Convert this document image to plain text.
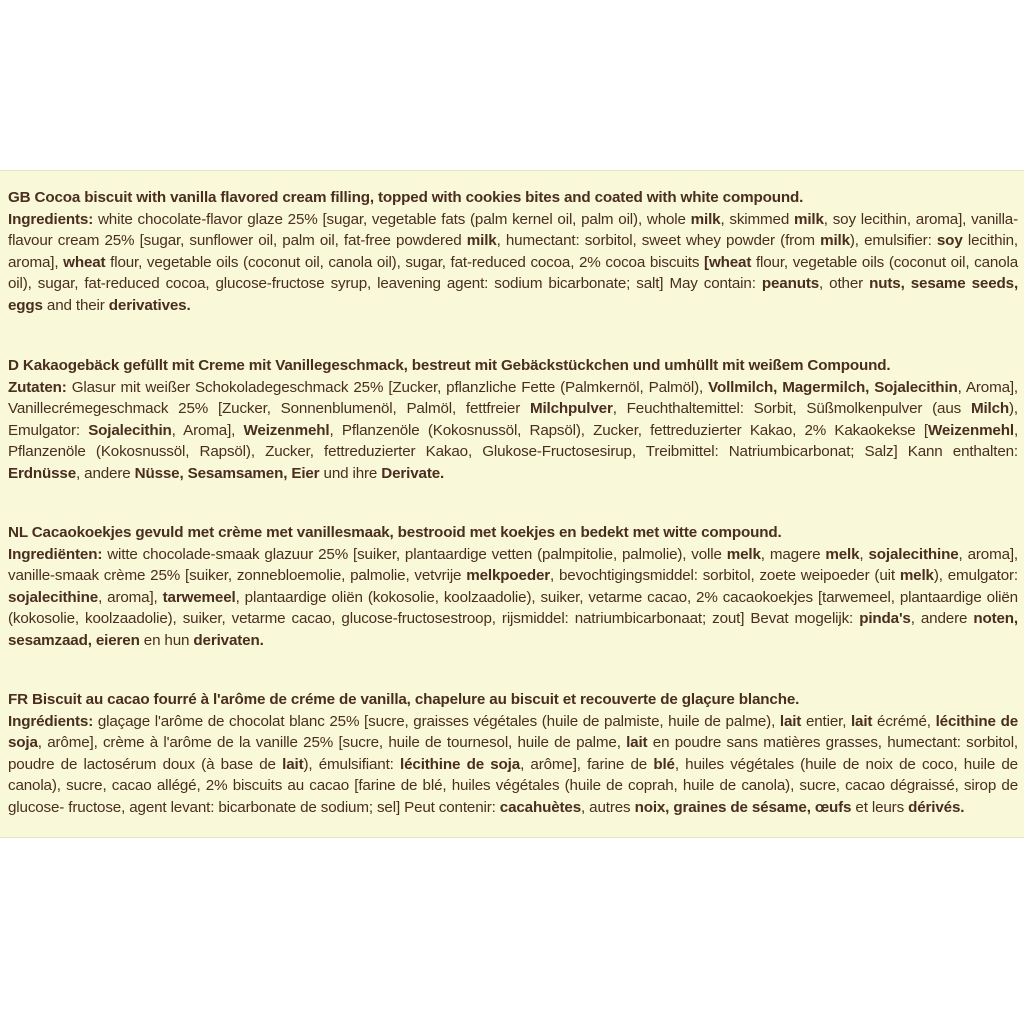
GB Cocoa biscuit with vanilla flavored cream filling, topped with cookies bites and coated with white compound.
Ingredients: white chocolate-flavor glaze 25% [sugar, vegetable fats (palm kernel oil, palm oil), whole milk, skimmed milk, soy lecithin, aroma], vanilla-flavour cream 25% [sugar, sunflower oil, palm oil, fat-free powdered milk, humectant: sorbitol, sweet whey powder (from milk), emulsifier: soy lecithin, aroma], wheat flour, vegetable oils (coconut oil, canola oil), sugar, fat-reduced cocoa, 2% cocoa biscuits [wheat flour, vegetable oils (coconut oil, canola oil), sugar, fat-reduced cocoa, glucose-fructose syrup, leavening agent: sodium bicarbonate; salt] May contain: peanuts, other nuts, sesame seeds, eggs and their derivatives.
D Kakaogebäck gefüllt mit Creme mit Vanillegeschmack, bestreut mit Gebäckstückchen und umhüllt mit weißem Compound.
Zutaten: Glasur mit weißer Schokoladegeschmack 25% [Zucker, pflanzliche Fette (Palmkernöl, Palmöl), Vollmilch, Magermilch, Sojalecithin, Aroma], Vanillecrémegeschmack 25% [Zucker, Sonnenblumenöl, Palmöl, fettfreier Milchpulver, Feuchthaltemittel: Sorbit, Süßmolkenpulver (aus Milch), Emulgator: Sojalecithin, Aroma], Weizenmehl, Pflanzenöle (Kokosnussöl, Rapsöl), Zucker, fettreduzierter Kakao, 2% Kakaokekse [Weizenmehl, Pflanzenöle (Kokosnussöl, Rapsöl), Zucker, fettreduzierter Kakao, Glukose-Fructosesirup, Treibmittel: Natriumbicarbonat; Salz] Kann enthalten: Erdnüsse, andere Nüsse, Sesamsamen, Eier und ihre Derivate.
NL Cacaokoekjes gevuld met crème met vanillesmaak, bestrooid met koekjes en bedekt met witte compound.
Ingrediënten: witte chocolade-smaak glazuur 25% [suiker, plantaardige vetten (palmpitolie, palmolie), volle melk, magere melk, sojalecithine, aroma], vanille-smaak crème 25% [suiker, zonnebloemolie, palmolie, vetvrije melkpoeder, bevochtigingsmiddel: sorbitol, zoete weipoeder (uit melk), emulgator: sojalecithine, aroma], tarwemeel, plantaardige oliën (kokosolie, koolzaadolie), suiker, vetarme cacao, 2% cacaokoekjes [tarwemeel, plantaardige oliën (kokosolie, koolzaadolie), suiker, vetarme cacao, glucose-fructosestroop, rijsmiddel: natriumbicarbonaat; zout] Bevat mogelijk: pinda's, andere noten, sesamzaad, eieren en hun derivaten.
FR Biscuit au cacao fourré à l'arôme de créme de vanilla, chapelure au biscuit et recouverte de glaçure blanche.
Ingrédients: glaçage l'arôme de chocolat blanc 25% [sucre, graisses végétales (huile de palmiste, huile de palme), lait entier, lait écrémé, lécithine de soja, arôme], crème à l'arôme de la vanille 25% [sucre, huile de tournesol, huile de palme, lait en poudre sans matières grasses, humectant: sorbitol, poudre de lactosérum doux (à base de lait), émulsifiant: lécithine de soja, arôme], farine de blé, huiles végétales (huile de noix de coco, huile de canola), sucre, cacao allégé, 2% biscuits au cacao [farine de blé, huiles végétales (huile de coprah, huile de canola), sucre, cacao dégraissé, sirop de glucose- fructose, agent levant: bicarbonate de sodium; sel] Peut contenir: cacahuètes, autres noix, graines de sésame, œufs et leurs dérivés.
